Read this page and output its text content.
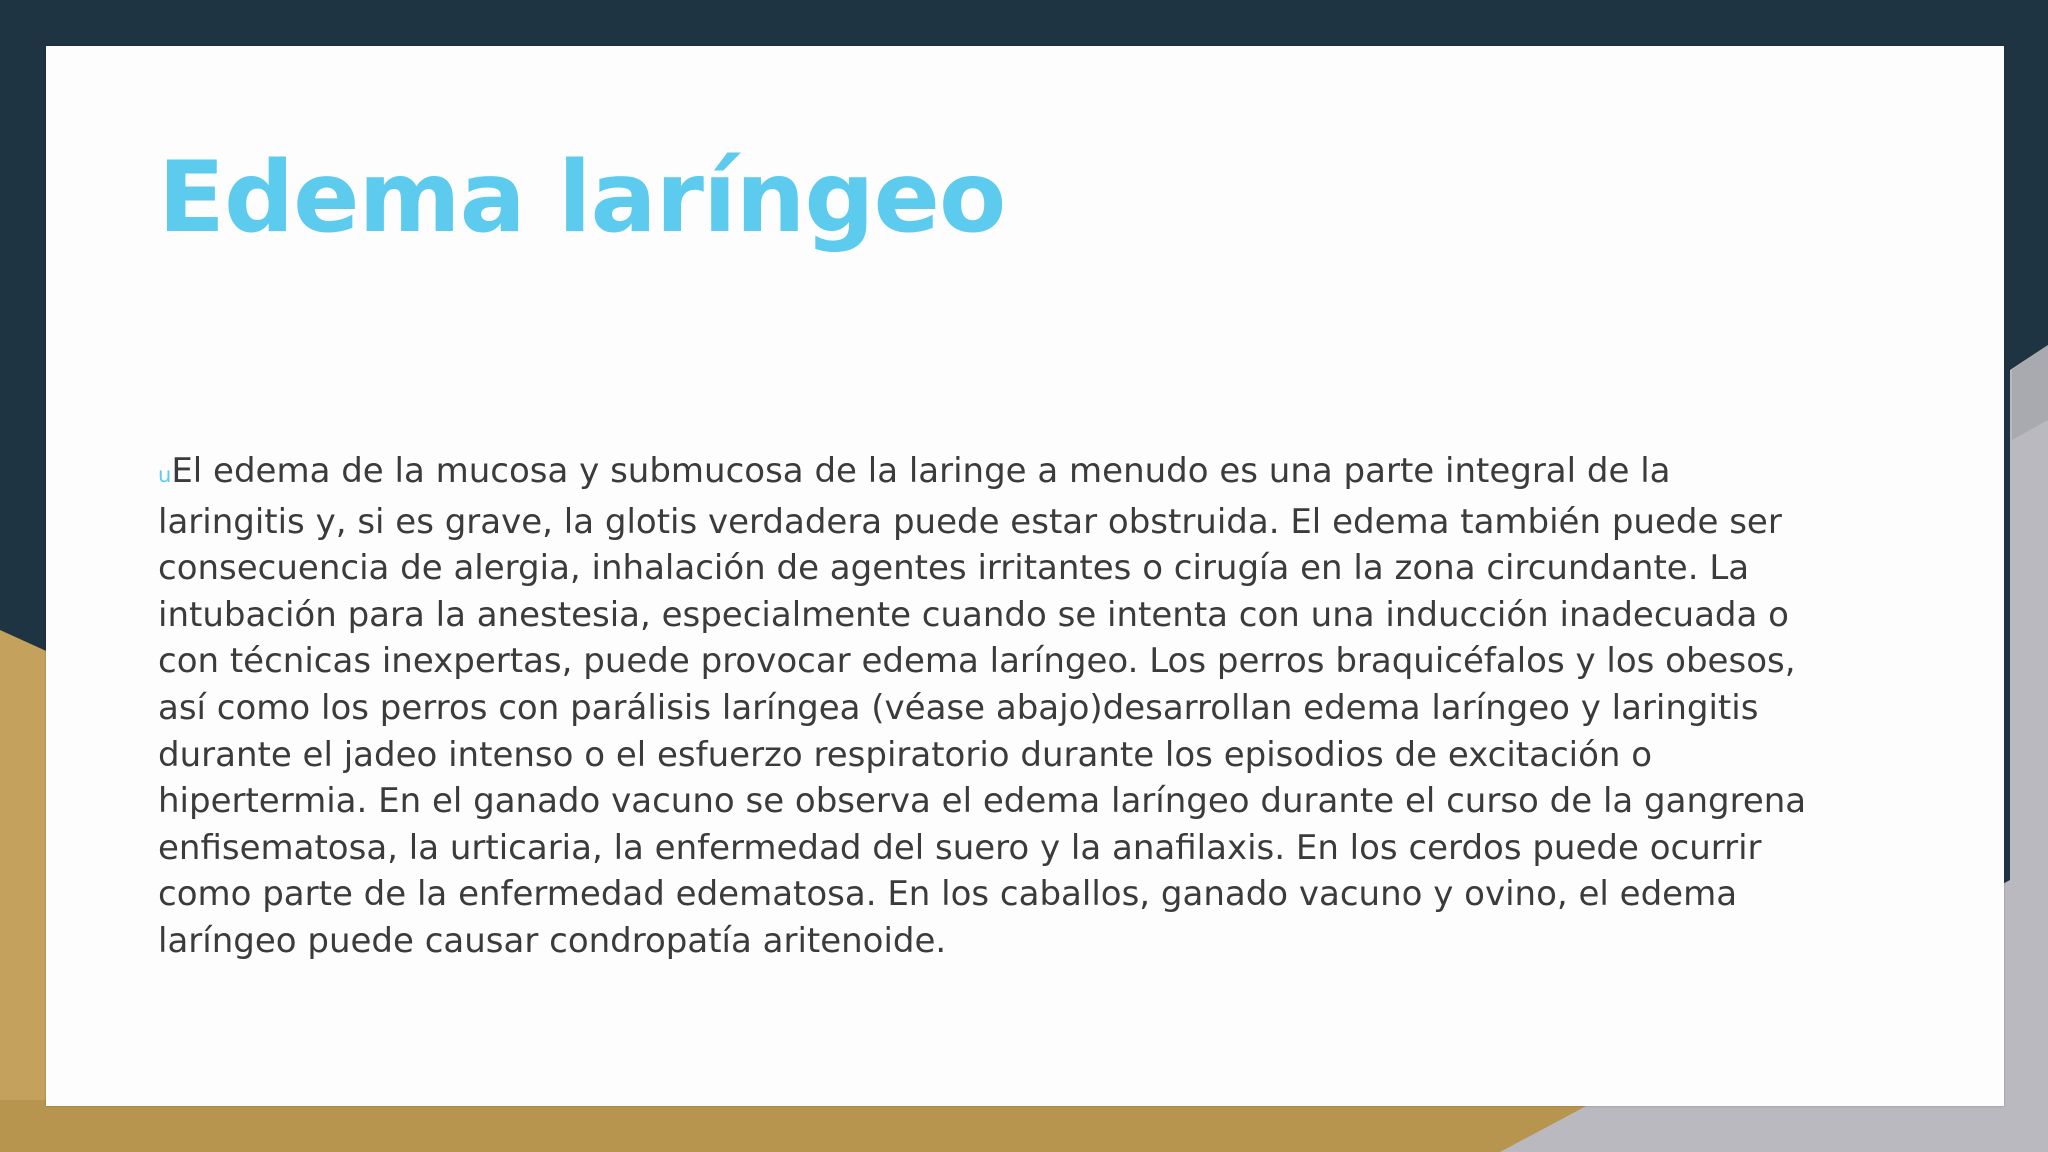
Edema laríngeo

uEl edema de la mucosa y submucosa de la laringe a menudo es una parte integral de la laringitis y, si es grave, la glotis verdadera puede estar obstruida. El edema también puede ser consecuencia de alergia, inhalación de agentes irritantes o cirugía en la zona circundante. La intubación para la anestesia, especialmente cuando se intenta con una inducción inadecuada o con técnicas inexpertas, puede provocar edema laríngeo. Los perros braquicéfalos y los obesos, así como los perros con parálisis laríngea (véase abajo)desarrollan edema laríngeo y laringitis durante el jadeo intenso o el esfuerzo respiratorio durante los episodios de excitación o hipertermia. En el ganado vacuno se observa el edema laríngeo durante el curso de la gangrena enfisematosa, la urticaria, la enfermedad del suero y la anafilaxis. En los cerdos puede ocurrir como parte de la enfermedad edematosa. En los caballos, ganado vacuno y ovino, el edema laríngeo puede causar condropatía aritenoide.
